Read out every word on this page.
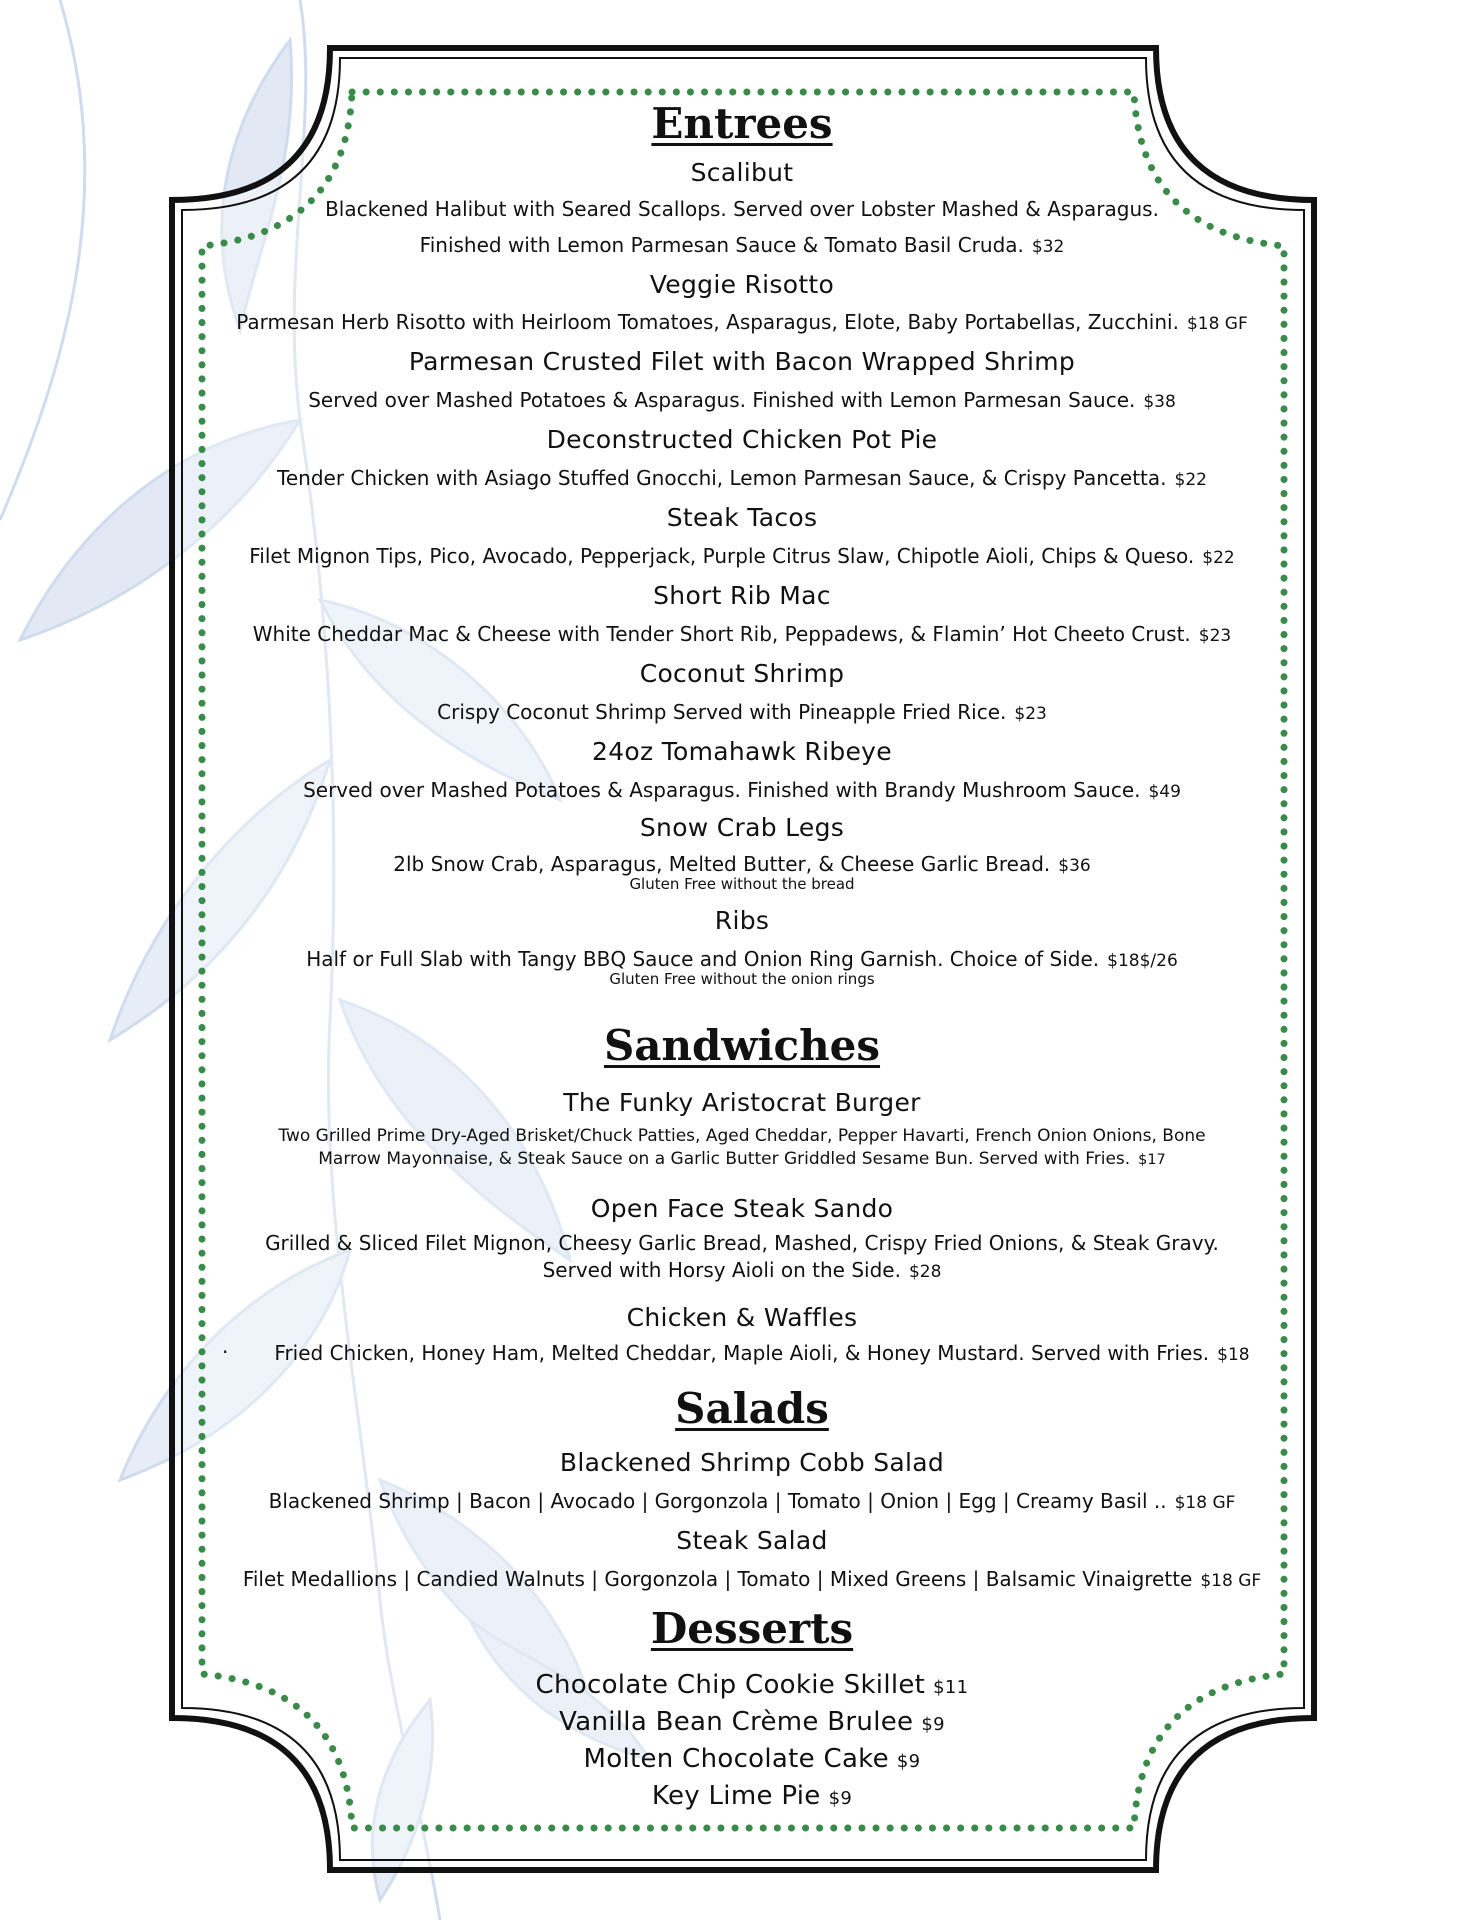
Entrees
Scalibut
Blackened Halibut with Seared Scallops. Served over Lobster Mashed & Asparagus.
Finished with Lemon Parmesan Sauce & Tomato Basil Cruda. $32
Veggie Risotto
Parmesan Herb Risotto with Heirloom Tomatoes, Asparagus, Elote, Baby Portabellas, Zucchini. $18 GF
Parmesan Crusted Filet with Bacon Wrapped Shrimp
Served over Mashed Potatoes & Asparagus. Finished with Lemon Parmesan Sauce. $38
Deconstructed Chicken Pot Pie
Tender Chicken with Asiago Stuffed Gnocchi, Lemon Parmesan Sauce, & Crispy Pancetta. $22
Steak Tacos
Filet Mignon Tips, Pico, Avocado, Pepperjack, Purple Citrus Slaw, Chipotle Aioli, Chips & Queso. $22
Short Rib Mac
White Cheddar Mac & Cheese with Tender Short Rib, Peppadews, & Flamin’ Hot Cheeto Crust. $23
Coconut Shrimp
Crispy Coconut Shrimp Served with Pineapple Fried Rice. $23
24oz Tomahawk Ribeye
Served over Mashed Potatoes & Asparagus. Finished with Brandy Mushroom Sauce. $49
Snow Crab Legs
2lb Snow Crab, Asparagus, Melted Butter, & Cheese Garlic Bread. $36
Gluten Free without the bread
Ribs
Half or Full Slab with Tangy BBQ Sauce and Onion Ring Garnish. Choice of Side. $18$/26
Gluten Free without the onion rings
Sandwiches
The Funky Aristocrat Burger
Two Grilled Prime Dry-Aged Brisket/Chuck Patties, Aged Cheddar, Pepper Havarti, French Onion Onions, Bone
Marrow Mayonnaise, & Steak Sauce on a Garlic Butter Griddled Sesame Bun. Served with Fries. $17
Open Face Steak Sando
Grilled & Sliced Filet Mignon, Cheesy Garlic Bread, Mashed, Crispy Fried Onions, & Steak Gravy.
Served with Horsy Aioli on the Side. $28
Chicken & Waffles
.	Fried Chicken, Honey Ham, Melted Cheddar, Maple Aioli, & Honey Mustard. Served with Fries. $18
Salads
Blackened Shrimp Cobb Salad
Blackened Shrimp | Bacon | Avocado | Gorgonzola | Tomato | Onion | Egg | Creamy Basil .. $18 GF
Steak Salad
Filet Medallions | Candied Walnuts | Gorgonzola | Tomato | Mixed Greens | Balsamic Vinaigrette $18 GF
Desserts
Chocolate Chip Cookie Skillet $11
Vanilla Bean Crème Brulee $9
Molten Chocolate Cake $9
Key Lime Pie $9
